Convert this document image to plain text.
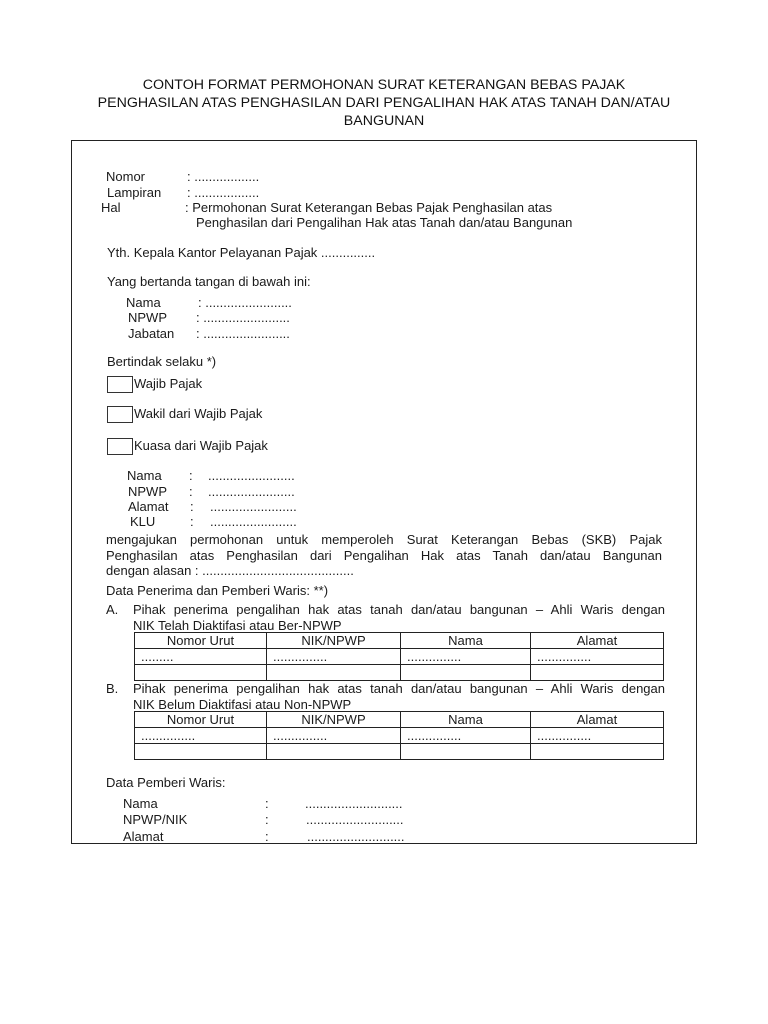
CONTOH FORMAT PERMOHONAN SURAT KETERANGAN BEBAS PAJAK
PENGHASILAN ATAS PENGHASILAN DARI PENGALIHAN HAK ATAS TANAH DAN/ATAU
BANGUNAN
Nomor	: ..................
Lampiran : ..................
Hal	: Permohonan Surat Keterangan Bebas Pajak Penghasilan atas
Penghasilan dari Pengalihan Hak atas Tanah dan/atau Bangunan
Yth. Kepala Kantor Pelayanan Pajak ...............
Yang bertanda tangan di bawah ini:
Nama	: ........................
NPWP : ........................
Jabatan : ........................
Bertindak selaku *)
Wajib Pajak
Wakil dari Wajib Pajak
Kuasa dari Wajib Pajak
Nama : ........................
NPWP : ........................
Alamat : ........................
KLU	: ........................
mengajukan permohonan untuk memperoleh Surat Keterangan Bebas (SKB) Pajak
Penghasilan atas Penghasilan dari Pengalihan Hak atas Tanah dan/atau Bangunan
dengan alasan : ..........................................
Data Penerima dan Pemberi Waris: **)
A. Pihak penerima pengalihan hak atas tanah dan/atau bangunan – Ahli Waris dengan
NIK Telah Diaktifasi atau Ber-NPWP
Nomor Urut	NIK/NPWP	Nama	Alamat
.........	...............	...............	...............

B. Pihak penerima pengalihan hak atas tanah dan/atau bangunan – Ahli Waris dengan
NIK Belum Diaktifasi atau Non-NPWP
Nomor Urut	NIK/NPWP	Nama	Alamat
...............	...............	...............	...............

Data Pemberi Waris:
Nama	:	...........................
NPWP/NIK	:	...........................
Alamat	:	...........................
